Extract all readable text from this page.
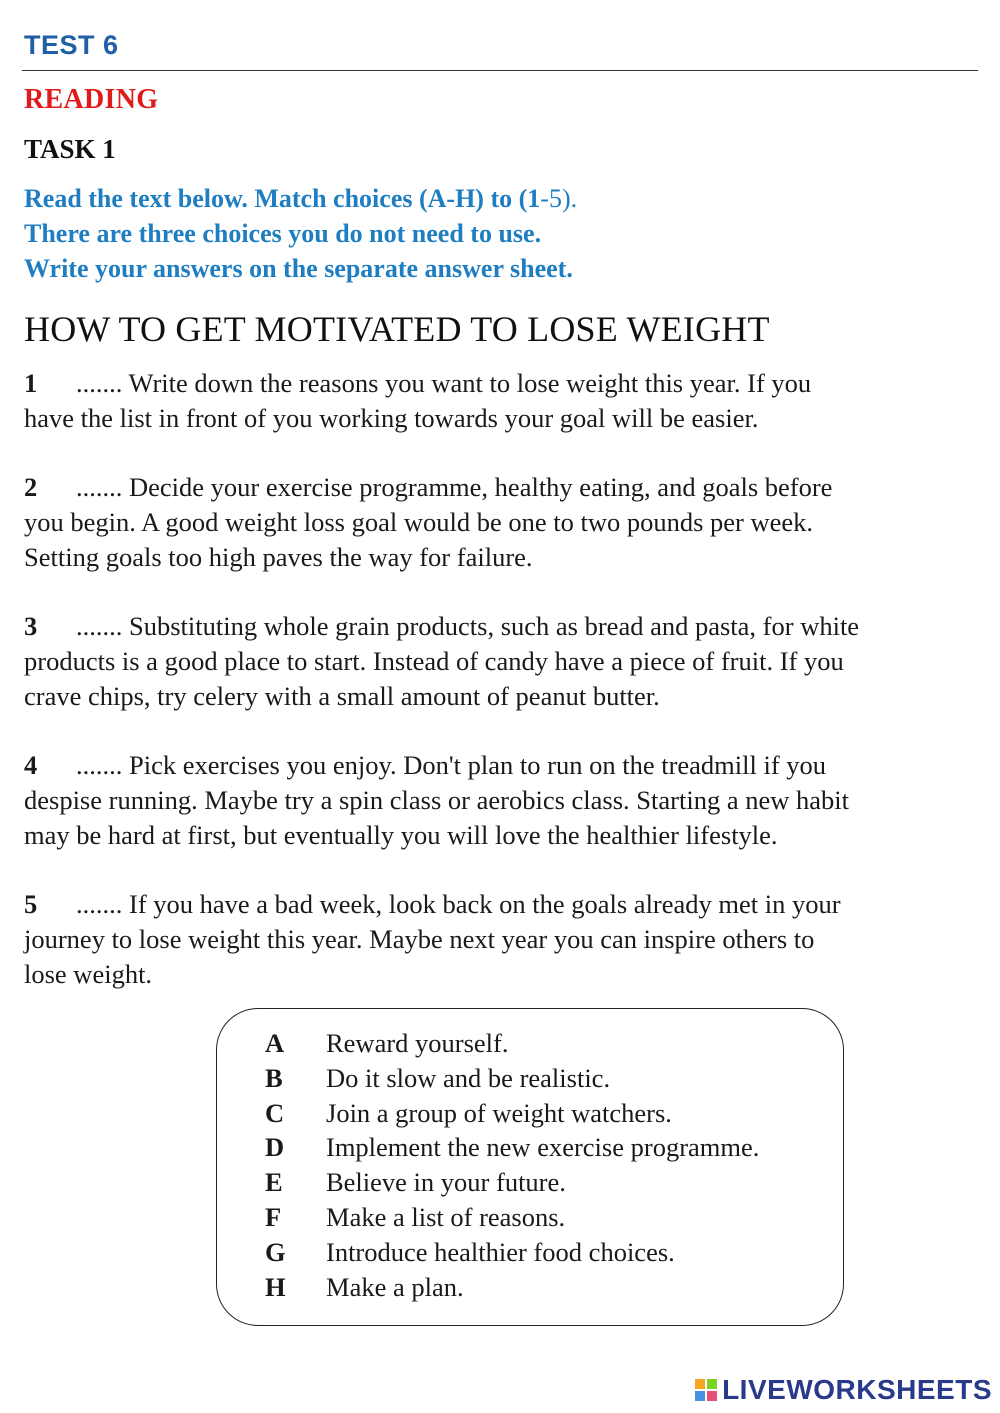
TEST 6
READING
TASK 1
Read the text below. Match choices (A-H) to (1-5).
There are three choices you do not need to use.
Write your answers on the separate answer sheet.
HOW TO GET MOTIVATED TO LOSE WEIGHT
1 ....... Write down the reasons you want to lose weight this year. If you
have the list in front of you working towards your goal will be easier.
2 ....... Decide your exercise programme, healthy eating, and goals before
you begin. A good weight loss goal would be one to two pounds per week.
Setting goals too high paves the way for failure.
3 ....... Substituting whole grain products, such as bread and pasta, for white
products is a good place to start. Instead of candy have a piece of fruit. If you
crave chips, try celery with a small amount of peanut butter.
4 ....... Pick exercises you enjoy. Don't plan to run on the treadmill if you
despise running. Maybe try a spin class or aerobics class. Starting a new habit
may be hard at first, but eventually you will love the healthier lifestyle.
5 ....... If you have a bad week, look back on the goals already met in your
journey to lose weight this year. Maybe next year you can inspire others to
lose weight.
A	Reward yourself.
B	Do it slow and be realistic.
C	Join a group of weight watchers.
D	Implement the new exercise programme.
E	Believe in your future.
F	Make a list of reasons.
G	Introduce healthier food choices.
H	Make a plan.
LIVEWORKSHEETS
